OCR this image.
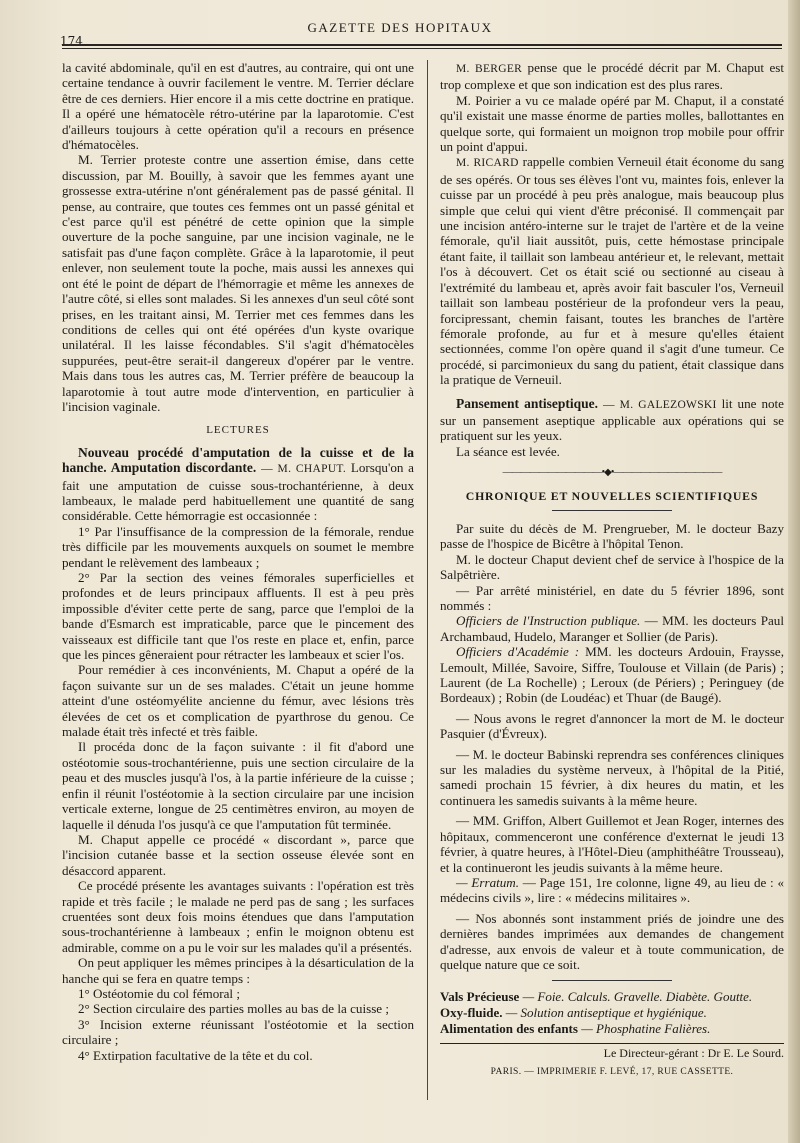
174
GAZETTE DES HOPITAUX

la cavité abdominale, qu'il en est d'autres, au contraire, qui ont une certaine tendance à ouvrir facilement le ventre. M. Terrier déclare être de ces derniers. Hier encore il a mis cette doctrine en pratique. Il a opéré une hématocèle rétro-utérine par la laparotomie. C'est d'ailleurs toujours à cette opération qu'il a recours en présence d'hématocèles.

M. Terrier proteste contre une assertion émise, dans cette discussion, par M. Bouilly, à savoir que les femmes ayant une grossesse extra-utérine n'ont généralement pas de passé génital. Il pense, au contraire, que toutes ces femmes ont un passé génital et c'est parce qu'il est pénétré de cette opinion que la simple ouverture de la poche sanguine, par une incision vaginale, ne le satisfait pas d'une façon complète. Grâce à la laparotomie, il peut enlever, non seulement toute la poche, mais aussi les annexes qui ont été le point de départ de l'hémorragie et même les annexes de l'autre côté, si elles sont malades. Si les annexes d'un seul côté sont prises, en les traitant ainsi, M. Terrier met ces femmes dans les conditions de celles qui ont été opérées d'un kyste ovarique unilatéral. Il les laisse fécondables. S'il s'agit d'hématocèles suppurées, peut-être serait-il dangereux d'opérer par le ventre. Mais dans tous les autres cas, M. Terrier préfère de beaucoup la laparotomie à tout autre mode d'intervention, en particulier à l'incision vaginale.

LECTURES

Nouveau procédé d'amputation de la cuisse et de la hanche. Amputation discordante. — M. CHAPUT. Lorsqu'on a fait une amputation de cuisse sous-trochantérienne, à deux lambeaux, le malade perd habituellement une quantité de sang considérable. Cette hémorragie est occasionnée :

1° Par l'insuffisance de la compression de la fémorale, rendue très difficile par les mouvements auxquels on soumet le membre pendant le relèvement des lambeaux ;

2° Par la section des veines fémorales superficielles et profondes et de leurs principaux affluents. Il est à peu près impossible d'éviter cette perte de sang, parce que l'emploi de la bande d'Esmarch est impraticable, parce que le pincement des vaisseaux est difficile tant que l'os reste en place et, enfin, parce que les pinces gêneraient pour rétracter les lambeaux et scier l'os.

Pour remédier à ces inconvénients, M. Chaput a opéré de la façon suivante sur un de ses malades. C'était un jeune homme atteint d'une ostéomyélite ancienne du fémur, avec lésions très élevées de cet os et complication de pyarthrose du genou. Ce malade était très infecté et très faible.

Il procéda donc de la façon suivante : il fit d'abord une ostéotomie sous-trochantérienne, puis une section circulaire de la peau et des muscles jusqu'à l'os, à la partie inférieure de la cuisse ; enfin il réunit l'ostéotomie à la section circulaire par une incision verticale externe, longue de 25 centimètres environ, au moyen de laquelle il dénuda l'os jusqu'à ce que l'amputation fût terminée.

M. Chaput appelle ce procédé « discordant », parce que l'incision cutanée basse et la section osseuse élevée sont en désaccord apparent.

Ce procédé présente les avantages suivants : l'opération est très rapide et très facile ; le malade ne perd pas de sang ; les surfaces cruentées sont deux fois moins étendues que dans l'amputation sous-trochantérienne à lambeaux ; enfin le moignon obtenu est admirable, comme on a pu le voir sur les malades qu'il a présentés.

On peut appliquer les mêmes principes à la désarticulation de la hanche qui se fera en quatre temps :

1° Ostéotomie du col fémoral ;

2° Section circulaire des parties molles au bas de la cuisse ;

3° Incision externe réunissant l'ostéotomie et la section circulaire ;

4° Extirpation facultative de la tête et du col.

M. BERGER pense que le procédé décrit par M. Chaput est trop complexe et que son indication est des plus rares.

M. Poirier a vu ce malade opéré par M. Chaput, il a constaté qu'il existait une masse énorme de parties molles, ballottantes en quelque sorte, qui formaient un moignon trop mobile pour offrir un point d'appui.

M. RICARD rappelle combien Verneuil était économe du sang de ses opérés. Or tous ses élèves l'ont vu, maintes fois, enlever la cuisse par un procédé à peu près analogue, mais beaucoup plus simple que celui qui vient d'être préconisé. Il commençait par une incision antéro-interne sur le trajet de l'artère et de la veine fémorale, qu'il liait aussitôt, puis, cette hémostase principale étant faite, il taillait son lambeau antérieur et, le relevant, mettait l'os à découvert. Cet os était scié ou sectionné au ciseau à l'extrémité du lambeau et, après avoir fait basculer l'os, Verneuil taillait son lambeau postérieur de la profondeur vers la peau, forcipressant, chemin faisant, toutes les branches de l'artère fémorale profonde, au fur et à mesure qu'elles étaient sectionnées, comme l'on opère quand il s'agit d'une tumeur. Ce procédé, si parcimonieux du sang du patient, était classique dans la pratique de Verneuil.

Pansement antiseptique. — M. GALEZOWSKI lit une note sur un pansement aseptique applicable aux opérations qui se pratiquent sur les yeux.

La séance est levée.

———————————•◆•————————————
CHRONIQUE ET NOUVELLES SCIENTIFIQUES

Par suite du décès de M. Prengrueber, M. le docteur Bazy passe de l'hospice de Bicêtre à l'hôpital Tenon.

M. le docteur Chaput devient chef de service à l'hospice de la Salpêtrière.

— Par arrêté ministériel, en date du 5 février 1896, sont nommés :

Officiers de l'Instruction publique. — MM. les docteurs Paul Archambaud, Hudelo, Maranger et Sollier (de Paris).

Officiers d'Académie : MM. les docteurs Ardouin, Fraysse, Lemoult, Millée, Savoire, Siffre, Toulouse et Villain (de Paris) ; Laurent (de La Rochelle) ; Leroux (de Périers) ; Peringuey (de Bordeaux) ; Robin (de Loudéac) et Thuar (de Baugé).

— Nous avons le regret d'annoncer la mort de M. le docteur Pasquier (d'Évreux).

— M. le docteur Babinski reprendra ses conférences cliniques sur les maladies du système nerveux, à l'hôpital de la Pitié, samedi prochain 15 février, à dix heures du matin, et les continuera les samedis suivants à la même heure.

— MM. Griffon, Albert Guillemot et Jean Roger, internes des hôpitaux, commenceront une conférence d'externat le jeudi 13 février, à quatre heures, à l'Hôtel-Dieu (amphithéâtre Trousseau), et la continueront les jeudis suivants à la même heure.

— Erratum. — Page 151, 1re colonne, ligne 49, au lieu de : « médecins civils », lire : « médecins militaires ».

— Nos abonnés sont instamment priés de joindre une des dernières bandes imprimées aux demandes de changement d'adresse, aux envois de valeur et à toute communication, de quelque nature que ce soit.

Vals Précieuse — Foie. Calculs. Gravelle. Diabète. Goutte.
Oxy-fluide. — Solution antiseptique et hygiénique.
Alimentation des enfants — Phosphatine Falières.
Le Directeur-gérant : Dr E. Le Sourd.
PARIS. — IMPRIMERIE F. LEVÉ, 17, RUE CASSETTE.
